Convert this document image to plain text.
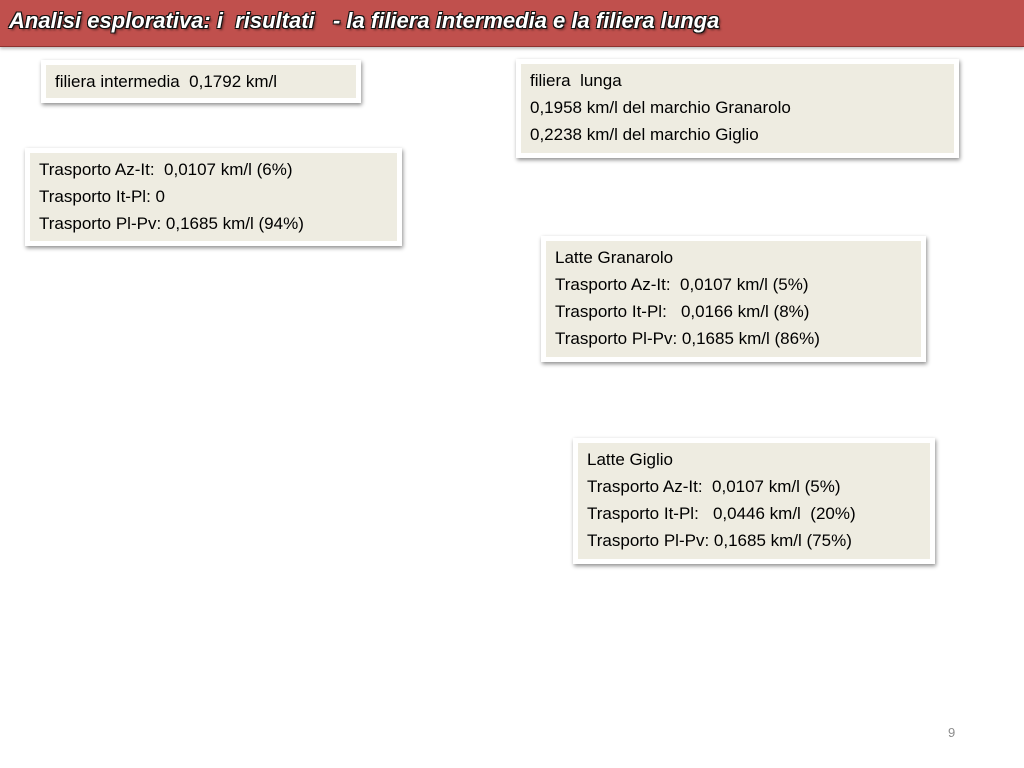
Analisi esplorativa: i  risultati   - la filiera intermedia e la filiera lunga
filiera intermedia  0,1792 km/l
Trasporto Az-It:  0,0107 km/l (6%)
Trasporto It-Pl: 0
Trasporto Pl-Pv: 0,1685 km/l (94%)
filiera  lunga
0,1958 km/l del marchio Granarolo
0,2238 km/l del marchio Giglio
Latte Granarolo
Trasporto Az-It:  0,0107 km/l (5%)
Trasporto It-Pl:   0,0166 km/l (8%)
Trasporto Pl-Pv: 0,1685 km/l (86%)
Latte Giglio
Trasporto Az-It:  0,0107 km/l (5%)
Trasporto It-Pl:   0,0446 km/l  (20%)
Trasporto Pl-Pv: 0,1685 km/l (75%)
9
